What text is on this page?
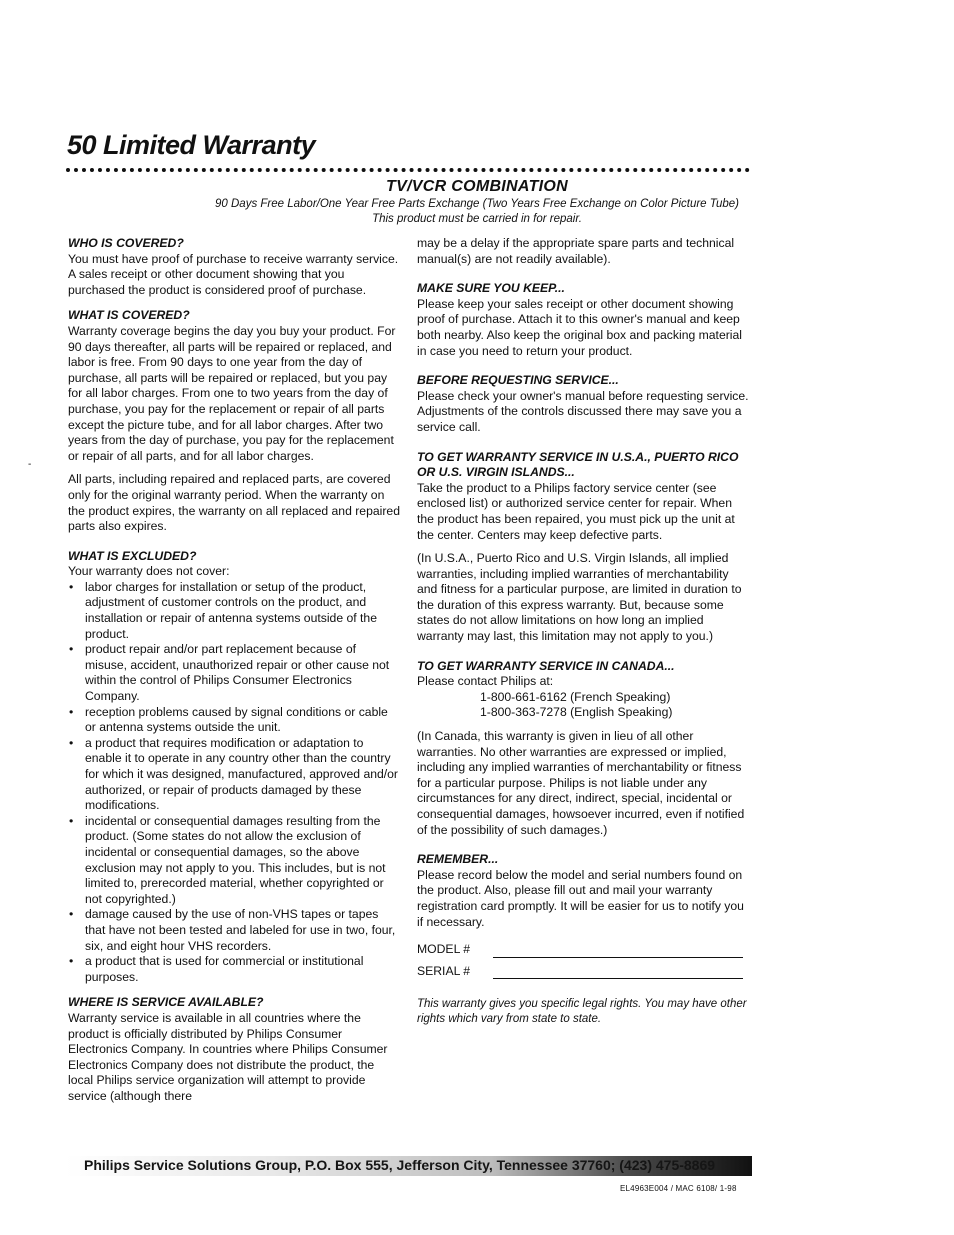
50 Limited Warranty
TV/VCR COMBINATION
90 Days Free Labor/One Year Free Parts Exchange (Two Years Free Exchange on Color Picture Tube)
This product must be carried in for repair.
-
WHO IS COVERED?

You must have proof of purchase to receive warranty service. A sales receipt or other document showing that you purchased the product is considered proof of purchase.

WHAT IS COVERED?

Warranty coverage begins the day you buy your product. For 90 days thereafter, all parts will be repaired or replaced, and labor is free. From 90 days to one year from the day of purchase, all parts will be repaired or replaced, but you pay for all labor charges. From one to two years from the day of purchase, you pay for the replacement or repair of all parts except the picture tube, and for all labor charges. After two years from the day of purchase, you pay for the replacement or repair of all parts, and for all labor charges.

All parts, including repaired and replaced parts, are covered only for the original warranty period. When the warranty on the product expires, the warranty on all replaced and repaired parts also expires.

WHAT IS EXCLUDED?

Your warranty does not cover:

• labor charges for installation or setup of the product, adjustment of customer controls on the product, and installation or repair of antenna systems outside of the product.
• product repair and/or part replacement because of misuse, accident, unauthorized repair or other cause not within the control of Philips Consumer Electronics Company.
• reception problems caused by signal conditions or cable or antenna systems outside the unit.
• a product that requires modification or adaptation to enable it to operate in any country other than the country for which it was designed, manufactured, approved and/or authorized, or repair of products damaged by these modifications.
• incidental or consequential damages resulting from the product. (Some states do not allow the exclusion of incidental or consequential damages, so the above exclusion may not apply to you. This includes, but is not limited to, prerecorded material, whether copyrighted or not copyrighted.)
• damage caused by the use of non-VHS tapes or tapes that have not been tested and labeled for use in two, four, six, and eight hour VHS recorders.
• a product that is used for commercial or institutional purposes.
WHERE IS SERVICE AVAILABLE?

Warranty service is available in all countries where the product is officially distributed by Philips Consumer Electronics Company. In countries where Philips Consumer Electronics Company does not distribute the product, the local Philips service organization will attempt to provide service (although there

may be a delay if the appropriate spare parts and technical manual(s) are not readily available).

MAKE SURE YOU KEEP...

Please keep your sales receipt or other document showing proof of purchase. Attach it to this owner's manual and keep both nearby. Also keep the original box and packing material in case you need to return your product.

BEFORE REQUESTING SERVICE...

Please check your owner's manual before requesting service. Adjustments of the controls discussed there may save you a service call.

TO GET WARRANTY SERVICE IN U.S.A., PUERTO RICO OR U.S. VIRGIN ISLANDS...

Take the product to a Philips factory service center (see enclosed list) or authorized service center for repair. When the product has been repaired, you must pick up the unit at the center. Centers may keep defective parts.

(In U.S.A., Puerto Rico and U.S. Virgin Islands, all implied warranties, including implied warranties of merchantability and fitness for a particular purpose, are limited in duration to the duration of this express warranty. But, because some states do not allow limitations on how long an implied warranty may last, this limitation may not apply to you.)

TO GET WARRANTY SERVICE IN CANADA...

Please contact Philips at:

1-800-661-6162 (French Speaking)

1-800-363-7278 (English Speaking)

(In Canada, this warranty is given in lieu of all other warranties. No other warranties are expressed or implied, including any implied warranties of merchantability or fitness for a particular purpose. Philips is not liable under any circumstances for any direct, indirect, special, incidental or consequential damages, howsoever incurred, even if notified of the possibility of such damages.)

REMEMBER...

Please record below the model and serial numbers found on the product. Also, please fill out and mail your warranty registration card promptly. It will be easier for us to notify you if necessary.

MODEL #
SERIAL #

This warranty gives you specific legal rights. You may have other rights which vary from state to state.

Philips Service Solutions Group, P.O. Box 555, Jefferson City, Tennessee 37760; (423) 475-8869
EL4963E004 / MAC 6108/ 1-98
